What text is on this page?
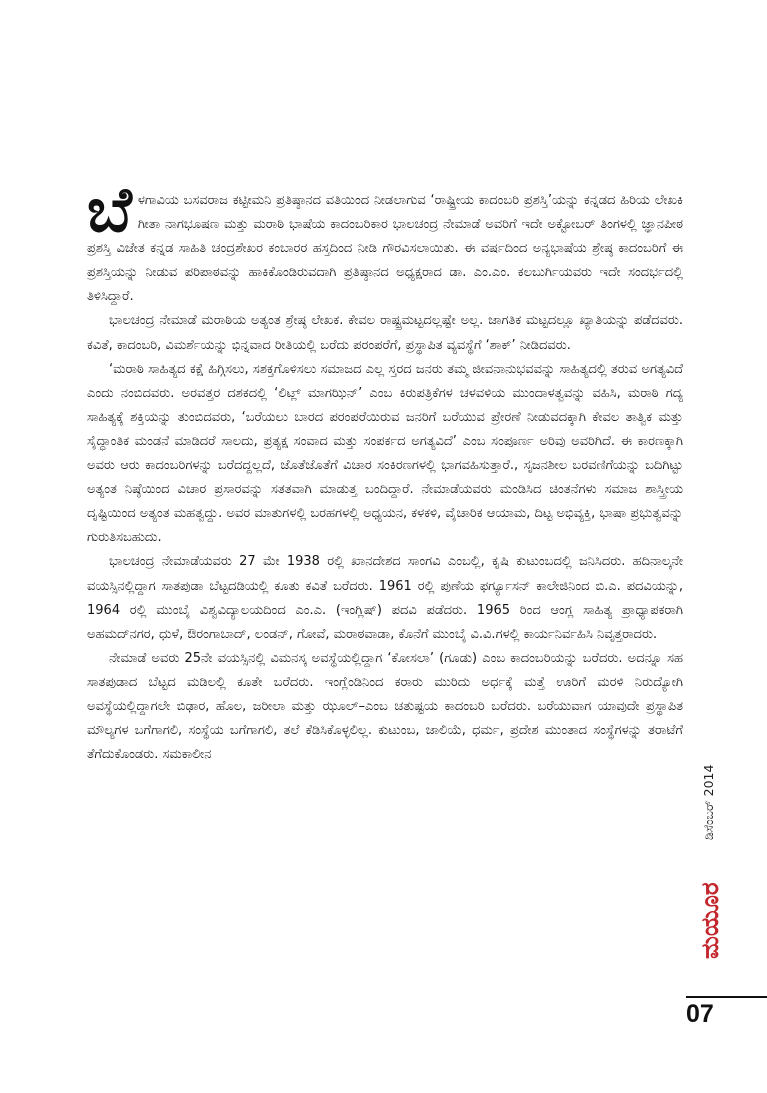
ಬೆಳಗಾವಿಯ ಬಸವರಾಜ ಕಟ್ಟೀಮನಿ ಪ್ರತಿಷ್ಠಾನದ ವತಿಯಿಂದ ನೀಡಲಾಗುವ ‘ರಾಷ್ಟ್ರೀಯ ಕಾದಂಬರಿ ಪ್ರಶಸ್ತಿ’ಯನ್ನು ಕನ್ನಡದ ಹಿರಿಯ ಲೇಖಕಿ ಗೀತಾ ನಾಗಭೂಷಣ ಮತ್ತು ಮರಾಠಿ ಭಾಷೆಯ ಕಾದಂಬರಿಕಾರ ಭಾಲಚಂದ್ರ ನೇಮಾಡೆ ಅವರಿಗೆ ಇದೇ ಅಕ್ಟೋಬರ್ ತಿಂಗಳಲ್ಲಿ ಜ್ಞಾನಪೀಠ ಪ್ರಶಸ್ತಿ ವಿಜೇತ ಕನ್ನಡ ಸಾಹಿತಿ ಚಂದ್ರಶೇಖರ ಕಂಬಾರರ ಹಸ್ತದಿಂದ ನೀಡಿ ಗೌರವಿಸಲಾಯಿತು. ಈ ವರ್ಷದಿಂದ ಅನ್ಯಭಾಷೆಯ ಶ್ರೇಷ್ಠ ಕಾದಂಬರಿಗೆ ಈ ಪ್ರಶಸ್ತಿಯನ್ನು ನೀಡುವ ಪರಿಪಾಠವನ್ನು ಹಾಕಿಕೊಂಡಿರುವದಾಗಿ ಪ್ರತಿಷ್ಠಾನದ ಅಧ್ಯಕ್ಷರಾದ ಡಾ. ಎಂ.ಎಂ. ಕಲಬುರ್ಗಿಯವರು ಇದೇ ಸಂದರ್ಭದಲ್ಲಿ ತಿಳಿಸಿದ್ದಾರೆ.

ಭಾಲಚಂದ್ರ ನೇಮಾಡೆ ಮರಾಠಿಯ ಅತ್ಯಂತ ಶ್ರೇಷ್ಠ ಲೇಖಕ. ಕೇವಲ ರಾಷ್ಟ್ರಮಟ್ಟದಲ್ಲಷ್ಟೇ ಅಲ್ಲ. ಜಾಗತಿಕ ಮಟ್ಟದಲ್ಲೂ ಖ್ಯಾತಿಯನ್ನು ಪಡೆದವರು. ಕವಿತೆ, ಕಾದಂಬರಿ, ವಿಮರ್ಶೆಯನ್ನು ಭಿನ್ನವಾದ ರೀತಿಯಲ್ಲಿ ಬರೆದು ಪರಂಪರೆಗೆ, ಪ್ರಸ್ಥಾಪಿತ ವ್ಯವಸ್ಥೆಗೆ ‘ಶಾಕ್’ ನೀಡಿದವರು.

‘ಮರಾಠಿ ಸಾಹಿತ್ಯದ ಕಕ್ಷೆ ಹಿಗ್ಗಿಸಲು, ಸಶಕ್ತಗೊಳಿಸಲು ಸಮಾಜದ ಎಲ್ಲ ಸ್ತರದ ಜನರು ತಮ್ಮ ಜೀವನಾನುಭವವನ್ನು ಸಾಹಿತ್ಯದಲ್ಲಿ ತರುವ ಅಗತ್ಯವಿದೆ ಎಂದು ನಂಬಿದವರು. ಅರವತ್ತರ ದಶಕದಲ್ಲಿ ‘ಲಿಟ್ಲ್ ಮಾಗಝಿನ್’ ಎಂಬ ಕಿರುಪತ್ರಿಕೆಗಳ ಚಳವಳಿಯ ಮುಂದಾಳತ್ವವನ್ನು ವಹಿಸಿ, ಮರಾಠಿ ಗದ್ಯ ಸಾಹಿತ್ಯಕ್ಕೆ ಶಕ್ತಿಯನ್ನು ತುಂಬಿದವರು, ‘ಬರೆಯಲು ಬಾರದ ಪರಂಪರೆಯಿರುವ ಜನರಿಗೆ ಬರೆಯುವ ಪ್ರೇರಣೆ ನೀಡುವದಕ್ಕಾಗಿ ಕೇವಲ ತಾತ್ವಿಕ ಮತ್ತು ಸೈದ್ಧಾಂತಿಕ ಮಂಡನೆ ಮಾಡಿದರೆ ಸಾಲದು, ಪ್ರತ್ಯಕ್ಷ ಸಂವಾದ ಮತ್ತು ಸಂಪರ್ಕದ ಅಗತ್ಯವಿದೆ’ ಎಂಬ ಸಂಪೂರ್ಣ ಅರಿವು ಅವರಿಗಿದೆ. ಈ ಕಾರಣಕ್ಕಾಗಿ ಅವರು ಆರು ಕಾದಂಬರಿಗಳನ್ನು ಬರೆದದ್ದಲ್ಲದೆ, ಜೊತೆಜೊತೆಗೆ ವಿಚಾರ ಸಂಕಿರಣಗಳಲ್ಲಿ ಭಾಗವಹಿಸುತ್ತಾರೆ., ಸೃಜನಶೀಲ ಬರವಣಿಗೆಯನ್ನು ಬದಿಗಿಟ್ಟು ಅತ್ಯಂತ ನಿಷ್ಠೆಯಿಂದ ವಿಚಾರ ಪ್ರಸಾರವನ್ನು ಸತತವಾಗಿ ಮಾಡುತ್ತ ಬಂದಿದ್ದಾರೆ. ನೇಮಾಡೆಯವರು ಮಂಡಿಸಿದ ಚಿಂತನೆಗಳು ಸಮಾಜ ಶಾಸ್ತ್ರೀಯ ದೃಷ್ಟಿಯಿಂದ ಅತ್ಯಂತ ಮಹತ್ವದ್ದು. ಅವರ ಮಾತುಗಳಲ್ಲಿ ಬರಹಗಳಲ್ಲಿ ಅಧ್ಯಯನ, ಕಳಕಳಿ, ವೈಚಾರಿಕ ಆಯಾಮ, ದಿಟ್ಟ ಅಭಿವ್ಯಕ್ತಿ, ಭಾಷಾ ಪ್ರಭುತ್ವವನ್ನು ಗುರುತಿಸಬಹುದು.

ಭಾಲಚಂದ್ರ ನೇಮಾಡೆಯವರು 27 ಮೇ 1938 ರಲ್ಲಿ ಖಾನದೇಶದ ಸಾಂಗವಿ ಎಂಬಲ್ಲಿ, ಕೃಷಿ ಕುಟುಂಬದಲ್ಲಿ ಜನಿಸಿದರು. ಹದಿನಾಲ್ಕನೇ ವಯಸ್ಸಿನಲ್ಲಿದ್ದಾಗ ಸಾತಪುಡಾ ಬೆಟ್ಟದಡಿಯಲ್ಲಿ ಕೂತು ಕವಿತೆ ಬರೆದರು. 1961 ರಲ್ಲಿ ಪುಣೆಯ ಫರ್ಗ್ಯೂಸನ್ ಕಾಲೇಜಿನಿಂದ ಬಿ.ಎ. ಪದವಿಯನ್ನು, 1964 ರಲ್ಲಿ ಮುಂಬೈ ವಿಶ್ವವಿದ್ಯಾಲಯದಿಂದ ಎಂ.ಎ. (ಇಂಗ್ಲಿಷ್) ಪದವಿ ಪಡೆದರು. 1965 ರಿಂದ ಆಂಗ್ಲ ಸಾಹಿತ್ಯ ಪ್ರಾಧ್ಯಾಪಕರಾಗಿ ಅಹಮದ್‌ನಗರ, ಧುಳೆ, ಔರಂಗಾಬಾದ್, ಲಂಡನ್, ಗೋವೆ, ಮರಾಠವಾಡಾ, ಕೊನೆಗೆ ಮುಂಬೈ ವಿ.ವಿ.ಗಳಲ್ಲಿ ಕಾರ್ಯನಿರ್ವಹಿಸಿ ನಿವೃತ್ತರಾದರು.

ನೇಮಾಡೆ ಅವರು 25ನೇ ವಯಸ್ಸಿನಲ್ಲಿ ವಿಮನಸ್ಕ ಅವಸ್ಥೆಯಲ್ಲಿದ್ದಾಗ ‘ಕೋಸಲಾ’ (ಗೂಡು) ಎಂಬ ಕಾದಂಬರಿಯನ್ನು ಬರೆದರು. ಅದನ್ನೂ ಸಹ ಸಾತಪುಡಾದ ಬೆಟ್ಟದ ಮಡಿಲಲ್ಲಿ ಕೂತೇ ಬರೆದರು. ಇಂಗ್ಲೆಂಡಿನಿಂದ ಕರಾರು ಮುರಿದು ಅರ್ಧಕ್ಕೆ ಮತ್ತೆ ಊರಿಗೆ ಮರಳಿ ನಿರುದ್ಯೋಗಿ ಅವಸ್ಥೆಯಲ್ಲಿದ್ದಾಗಲೇ ಬಿಢಾರ, ಹೊಲ, ಜರೀಲಾ ಮತ್ತು ಝೂಲ್–ಎಂಬ ಚತುಷ್ಟಯ ಕಾದಂಬರಿ ಬರೆದರು. ಬರೆಯುವಾಗ ಯಾವುದೇ ಪ್ರಸ್ಥಾಪಿತ ಮೌಲ್ಯಗಳ ಬಗೆಗಾಗಲಿ, ಸಂಸ್ಥೆಯ ಬಗೆಗಾಗಲಿ, ತಲೆ ಕೆಡಿಸಿಕೊಳ್ಳಲಿಲ್ಲ. ಕುಟುಂಬ, ಜಾಲಿಯೆ, ಧರ್ಮ, ಪ್ರದೇಶ ಮುಂತಾದ ಸಂಸ್ಥೆಗಳನ್ನು ತರಾಟೆಗೆ ತೆಗೆದುಕೊಂಡರು. ಸಮಕಾಲೀನ

ಡಿಸೆಂಬರ್ 2014
ಮಯೂರ
07
